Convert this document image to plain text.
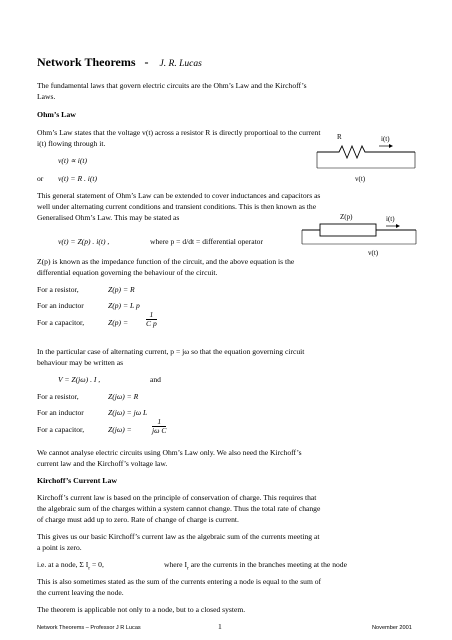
Network Theorems - J. R. Lucas
The fundamental laws that govern electric circuits are the Ohm’s Law and the Kirchoff’s
Laws.
Ohm’s Law
Ohm’s Law states that the voltage v(t) across a resistor R is directly proportioal to the current
i(t) flowing through it.
v(t) ∝ i(t)
or v(t) = R . i(t)
R	i(t)
v(t)
This general statement of Ohm’s Law can be extended to cover inductances and capacitors as
well under alternating current conditions and transient conditions. This is then known as the
Generalised Ohm’s Law. This may be stated as	Z(p)	i(t)
v(t)
v(t) = Z(p) . i(t) ,	where p = d/dt = differential operator
Z(p) is known as the impedance function of the circuit, and the above equation is the
differential equation governing the behaviour of the circuit.
For a resistor,	Z(p) = R
For an inductor	Z(p) = L p
For a capacitor,	$Z(p) = \frac{1}{\text{C p}}$
In the particular case of alternating current, p = jω so that the equation governing circuit
behaviour may be written as
V = Z(jω) . I ,	and
For a resistor,	Z(jω) = R
For an inductor	Z(jω) = jω L
For a capacitor,	Z(jω) =	$\frac{1}{\text{jω C}}$
We cannot analyse electric circuits using Ohm’s Law only. We also need the Kirchoff’s
current law and the Kirchoff’s voltage law.
Kirchoff’s Current Law
Kirchoff’s current law is based on the principle of conservation of charge. This requires that
the algebraic sum of the charges within a system cannot change. Thus the total rate of change
of charge must add up to zero. Rate of change of charge is current.
This gives us our basic Kirchoff’s current law as the algebraic sum of the currents meeting at
a point is zero.
i.e. at a node, Σ $I_r = 0$,	where $I_r$ are the currents in the branches meeting at the node
This is also sometimes stated as the sum of the currents entering a node is equal to the sum of
the current leaving the node.
The theorem is applicable not only to a node, but to a closed system.
Network Theorems – Professor J R Lucas	1	November 2001
